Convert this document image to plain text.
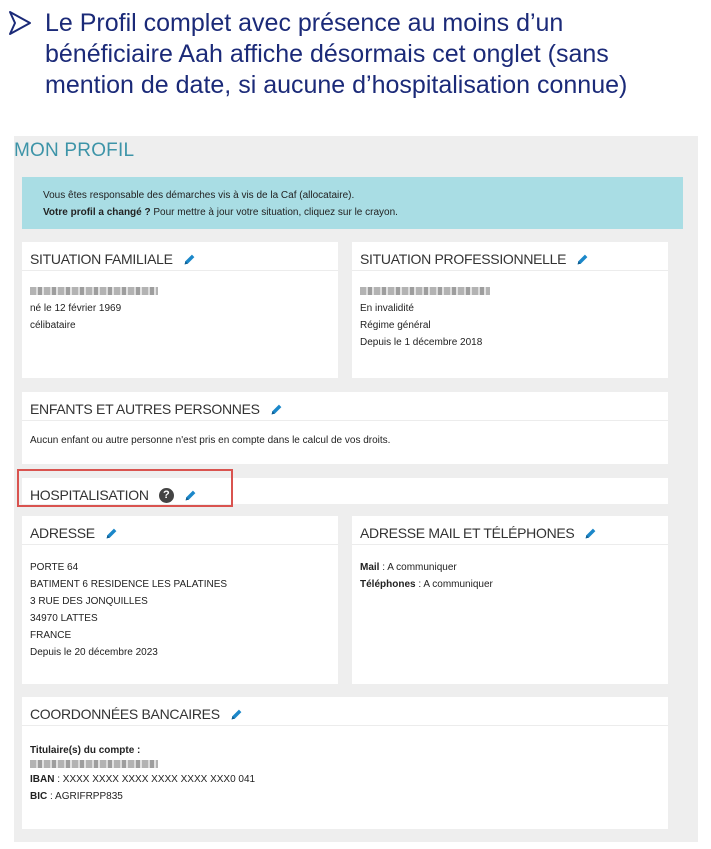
Le Profil complet avec présence au moins d’un bénéficiaire Aah affiche désormais cet onglet (sans mention de date, si aucune d’hospitalisation connue)
MON PROFIL
Vous êtes responsable des démarches vis à vis de la Caf (allocataire).
Votre profil a changé ? Pour mettre à jour votre situation, cliquez sur le crayon.
SITUATION FAMILIALE
né le 12 février 1969
célibataire
SITUATION PROFESSIONNELLE
En invalidité
Régime général
Depuis le 1 décembre 2018
ENFANTS ET AUTRES PERSONNES
Aucun enfant ou autre personne n'est pris en compte dans le calcul de vos droits.
HOSPITALISATION	?
ADRESSE
PORTE 64
BATIMENT 6 RESIDENCE LES PALATINES
3 RUE DES JONQUILLES
34970 LATTES
FRANCE
Depuis le 20 décembre 2023
ADRESSE MAIL ET TÉLÉPHONES
Mail : A communiquer
Téléphones : A communiquer
COORDONNÉES BANCAIRES
Titulaire(s) du compte :
IBAN : XXXX XXXX XXXX XXXX XXXX XXX0 041
BIC : AGRIFRPP835
